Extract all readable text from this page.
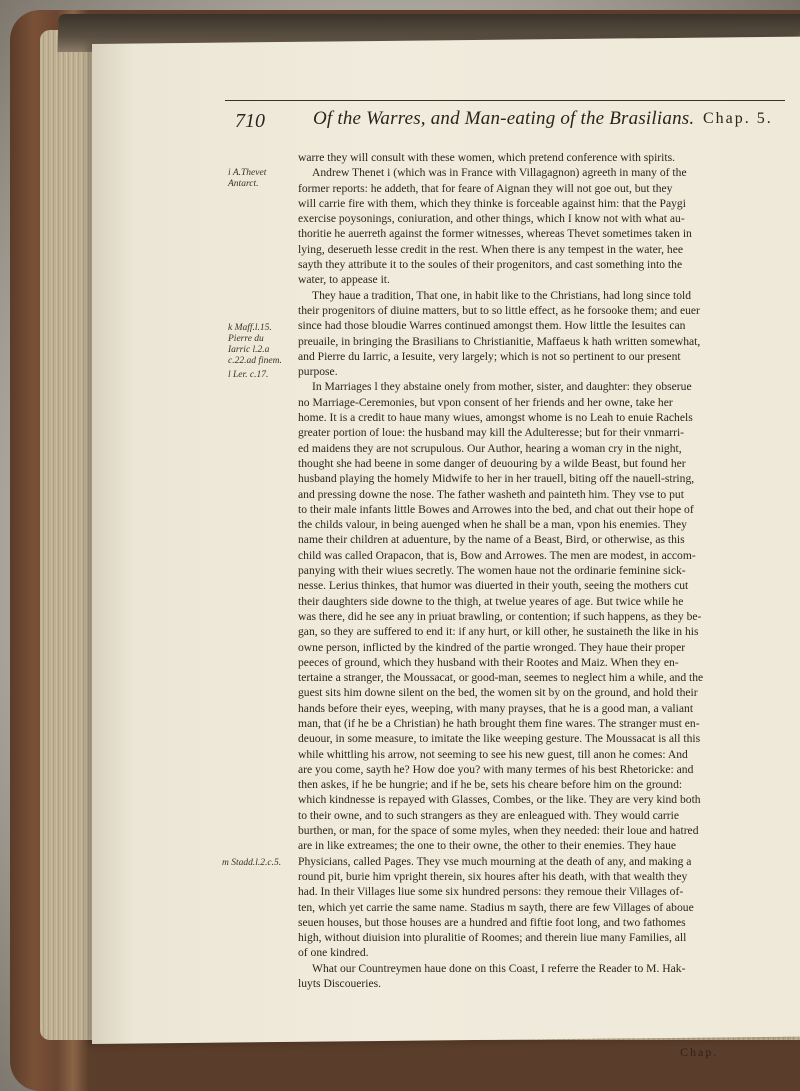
710	Of the Warres, and Man-eating of the Brasilians. Chap. 5.
i A.Thevet Antarct.
k Maff.l.15. Pierre du Iarric l.2.a c.22.ad finem.
l Ler. c.17.
m Stadd.l.2.c.5.
warre they will consult with these women, which pretend conference with spirits.
Andrew Thenet i (which was in France with Villagagnon) agreeth in many of the
former reports: he addeth, that for feare of Aignan they will not goe out, but they
will carrie fire with them, which they thinke is forceable against him: that the Paygi
exercise poysonings, coniuration, and other things, which I know not with what au-
thoritie he auerreth against the former witnesses, whereas Thevet sometimes taken in
lying, deserueth lesse credit in the rest. When there is any tempest in the water, hee
sayth they attribute it to the soules of their progenitors, and cast something into the
water, to appease it.
They haue a tradition, That one, in habit like to the Christians, had long since told
their progenitors of diuine matters, but to so little effect, as he forsooke them; and euer
since had those bloudie Warres continued amongst them. How little the Iesuites can
preuaile, in bringing the Brasilians to Christianitie, Maffaeus k hath written somewhat,
and Pierre du Iarric, a Iesuite, very largely; which is not so pertinent to our present
purpose.
In Marriages l they abstaine onely from mother, sister, and daughter: they obserue
no Marriage-Ceremonies, but vpon consent of her friends and her owne, take her
home. It is a credit to haue many wiues, amongst whome is no Leah to enuie Rachels
greater portion of loue: the husband may kill the Adulteresse; but for their vnmarri-
ed maidens they are not scrupulous. Our Author, hearing a woman cry in the night,
thought she had beene in some danger of deuouring by a wilde Beast, but found her
husband playing the homely Midwife to her in her trauell, biting off the nauell-string,
and pressing downe the nose. The father washeth and painteth him. They vse to put
to their male infants little Bowes and Arrowes into the bed, and chat out their hope of
the childs valour, in being auenged when he shall be a man, vpon his enemies. They
name their children at aduenture, by the name of a Beast, Bird, or otherwise, as this
child was called Orapacon, that is, Bow and Arrowes. The men are modest, in accom-
panying with their wiues secretly. The women haue not the ordinarie feminine sick-
nesse. Lerius thinkes, that humor was diuerted in their youth, seeing the mothers cut
their daughters side downe to the thigh, at twelue yeares of age. But twice while he
was there, did he see any in priuat brawling, or contention; if such happens, as they be-
gan, so they are suffered to end it: if any hurt, or kill other, he sustaineth the like in his
owne person, inflicted by the kindred of the partie wronged. They haue their proper
peeces of ground, which they husband with their Rootes and Maiz. When they en-
tertaine a stranger, the Moussacat, or good-man, seemes to neglect him a while, and the
guest sits him downe silent on the bed, the women sit by on the ground, and hold their
hands before their eyes, weeping, with many prayses, that he is a good man, a valiant
man, that (if he be a Christian) he hath brought them fine wares. The stranger must en-
deuour, in some measure, to imitate the like weeping gesture. The Moussacat is all this
while whittling his arrow, not seeming to see his new guest, till anon he comes: And
are you come, sayth he? How doe you? with many termes of his best Rhetoricke: and
then askes, if he be hungrie; and if he be, sets his cheare before him on the ground:
which kindnesse is repayed with Glasses, Combes, or the like. They are very kind both
to their owne, and to such strangers as they are enleagued with. They would carrie
burthen, or man, for the space of some myles, when they needed: their loue and hatred
are in like extreames; the one to their owne, the other to their enemies. They haue
Physicians, called Pages. They vse much mourning at the death of any, and making a
round pit, burie him vpright therein, six houres after his death, with that wealth they
had. In their Villages liue some six hundred persons: they remoue their Villages of-
ten, which yet carrie the same name. Stadius m sayth, there are few Villages of aboue
seuen houses, but those houses are a hundred and fiftie foot long, and two fathomes
high, without diuision into pluralitie of Roomes; and therein liue many Families, all
of one kindred.
What our Countreymen haue done on this Coast, I referre the Reader to M. Hak-
luyts Discoueries.
Chap.
